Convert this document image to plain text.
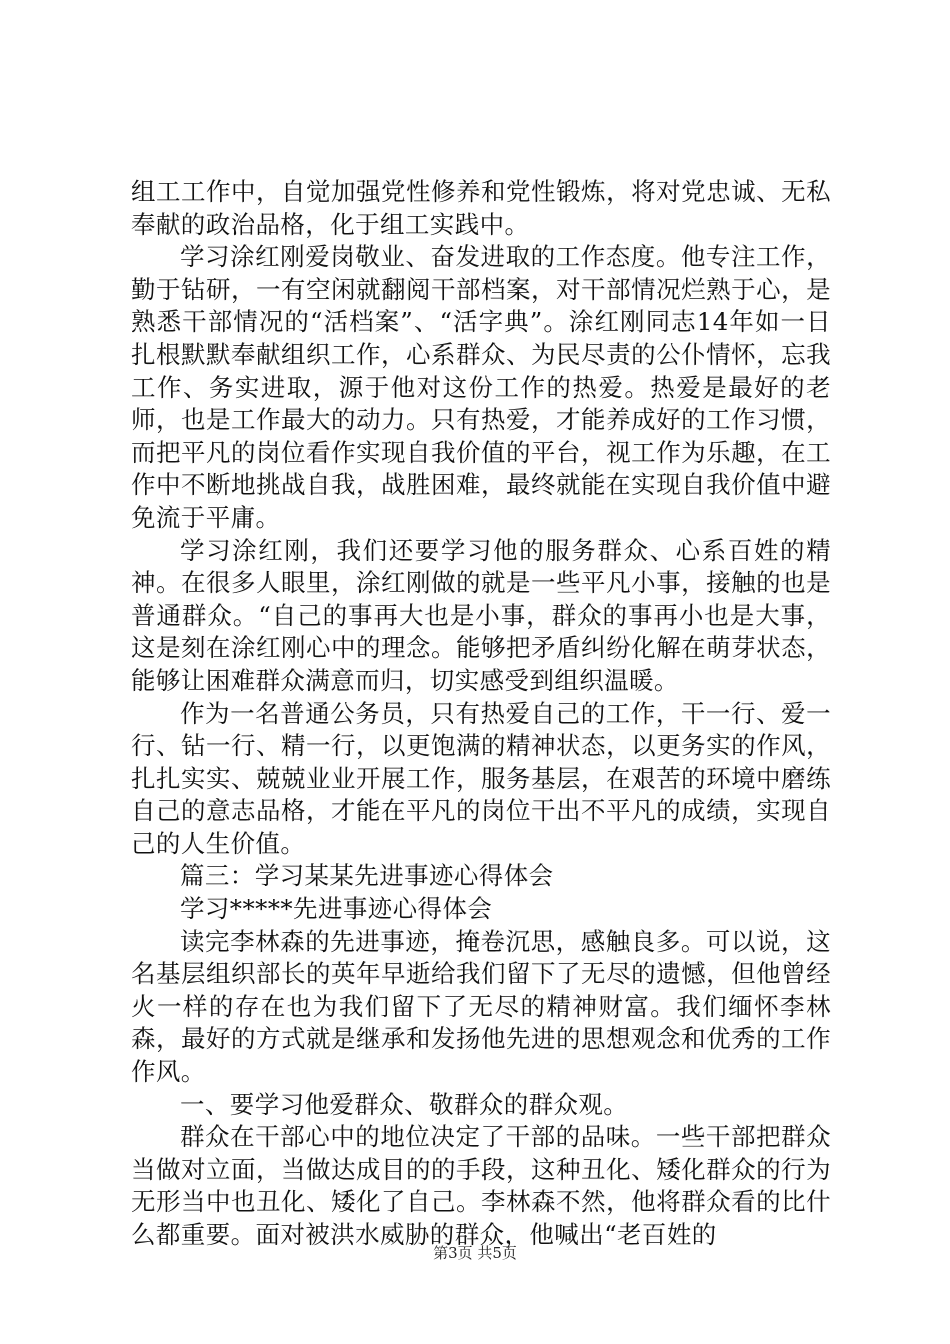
组工工作中，自觉加强党性修养和党性锻炼，将对党忠诚、无私奉献的政治品格，化于组工实践中。

学习涂红刚爱岗敬业、奋发进取的工作态度。他专注工作，勤于钻研，一有空闲就翻阅干部档案，对干部情况烂熟于心，是熟悉干部情况的“活档案”、“活字典”。涂红刚同志14年如一日扎根默默奉献组织工作，心系群众、为民尽责的公仆情怀，忘我工作、务实进取，源于他对这份工作的热爱。热爱是最好的老师，也是工作最大的动力。只有热爱，才能养成好的工作习惯，而把平凡的岗位看作实现自我价值的平台，视工作为乐趣，在工作中不断地挑战自我，战胜困难，最终就能在实现自我价值中避免流于平庸。

学习涂红刚，我们还要学习他的服务群众、心系百姓的精神。在很多人眼里，涂红刚做的就是一些平凡小事，接触的也是普通群众。“自己的事再大也是小事，群众的事再小也是大事，这是刻在涂红刚心中的理念。能够把矛盾纠纷化解在萌芽状态，能够让困难群众满意而归，切实感受到组织温暖。

作为一名普通公务员，只有热爱自己的工作，干一行、爱一行、钻一行、精一行，以更饱满的精神状态，以更务实的作风，扎扎实实、兢兢业业开展工作，服务基层，在艰苦的环境中磨练自己的意志品格，才能在平凡的岗位干出不平凡的成绩，实现自己的人生价值。

篇三：学习某某先进事迹心得体会

学习*****先进事迹心得体会

读完李林森的先进事迹，掩卷沉思，感触良多。可以说，这名基层组织部长的英年早逝给我们留下了无尽的遗憾，但他曾经火一样的存在也为我们留下了无尽的精神财富。我们缅怀李林森，最好的方式就是继承和发扬他先进的思想观念和优秀的工作作风。

一、要学习他爱群众、敬群众的群众观。

群众在干部心中的地位决定了干部的品味。一些干部把群众当做对立面，当做达成目的的手段，这种丑化、矮化群众的行为无形当中也丑化、矮化了自己。李林森不然，他将群众看的比什么都重要。面对被洪水威胁的群众，他喊出“老百姓的

第3页 共5页
